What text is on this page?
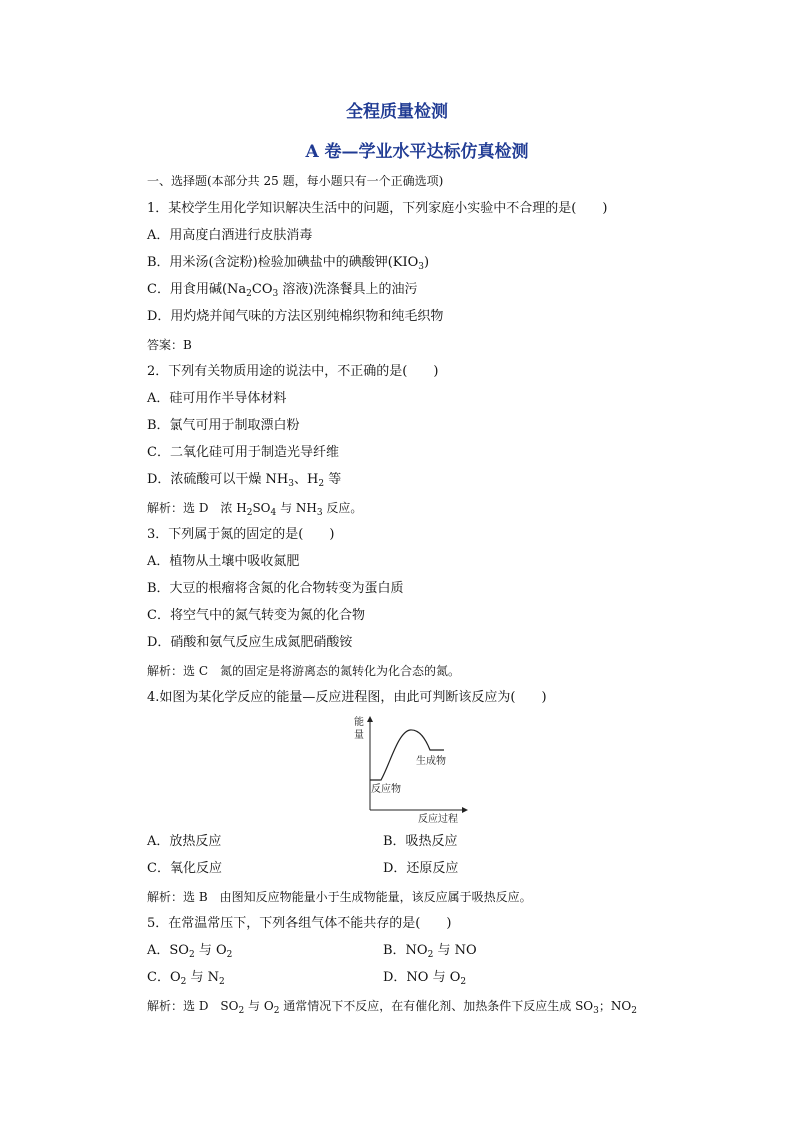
全程质量检测
A 卷—学业水平达标仿真检测
一、选择题(本部分共 25 题，每小题只有一个正确选项)
1．某校学生用化学知识解决生活中的问题，下列家庭小实验中不合理的是(　　)
A．用高度白酒进行皮肤消毒
B．用米汤(含淀粉)检验加碘盐中的碘酸钾$(KIO_3)$
C．用食用碱($Na_2CO_3$ 溶液)洗涤餐具上的油污
D．用灼烧并闻气味的方法区别纯棉织物和纯毛织物
答案：B
2．下列有关物质用途的说法中，不正确的是(　　)
A．硅可用作半导体材料
B．氯气可用于制取漂白粉
C．二氧化硅可用于制造光导纤维
D．浓硫酸可以干燥 $NH_3$、$H_2$ 等
解析：选 D　浓 $H_2SO_4$ 与 $NH_3$ 反应。
3．下列属于氮的固定的是(　　)
A．植物从土壤中吸收氮肥
B．大豆的根瘤将含氮的化合物转变为蛋白质
C．将空气中的氮气转变为氮的化合物
D．硝酸和氨气反应生成氮肥硝酸铵
解析：选 C　氮的固定是将游离态的氮转化为化合态的氮。
4.如图为某化学反应的能量—反应进程图，由此可判断该反应为(　　)
能
量
生成物
反应物
反应过程
A．放热反应	B．吸热反应
C．氧化反应	D．还原反应
解析：选 B　由图知反应物能量小于生成物能量，该反应属于吸热反应。
5．在常温常压下，下列各组气体不能共存的是(　　)
A．$SO_2$ 与 $O_2$	B．$NO_2$ 与 NO
C．$O_2$ 与 $N_2$	D．NO 与 $O_2$
解析：选 D　$SO_2$ 与 $O_2$ 通常情况下不反应，在有催化剂、加热条件下反应生成 $SO_3$；$NO_2$
